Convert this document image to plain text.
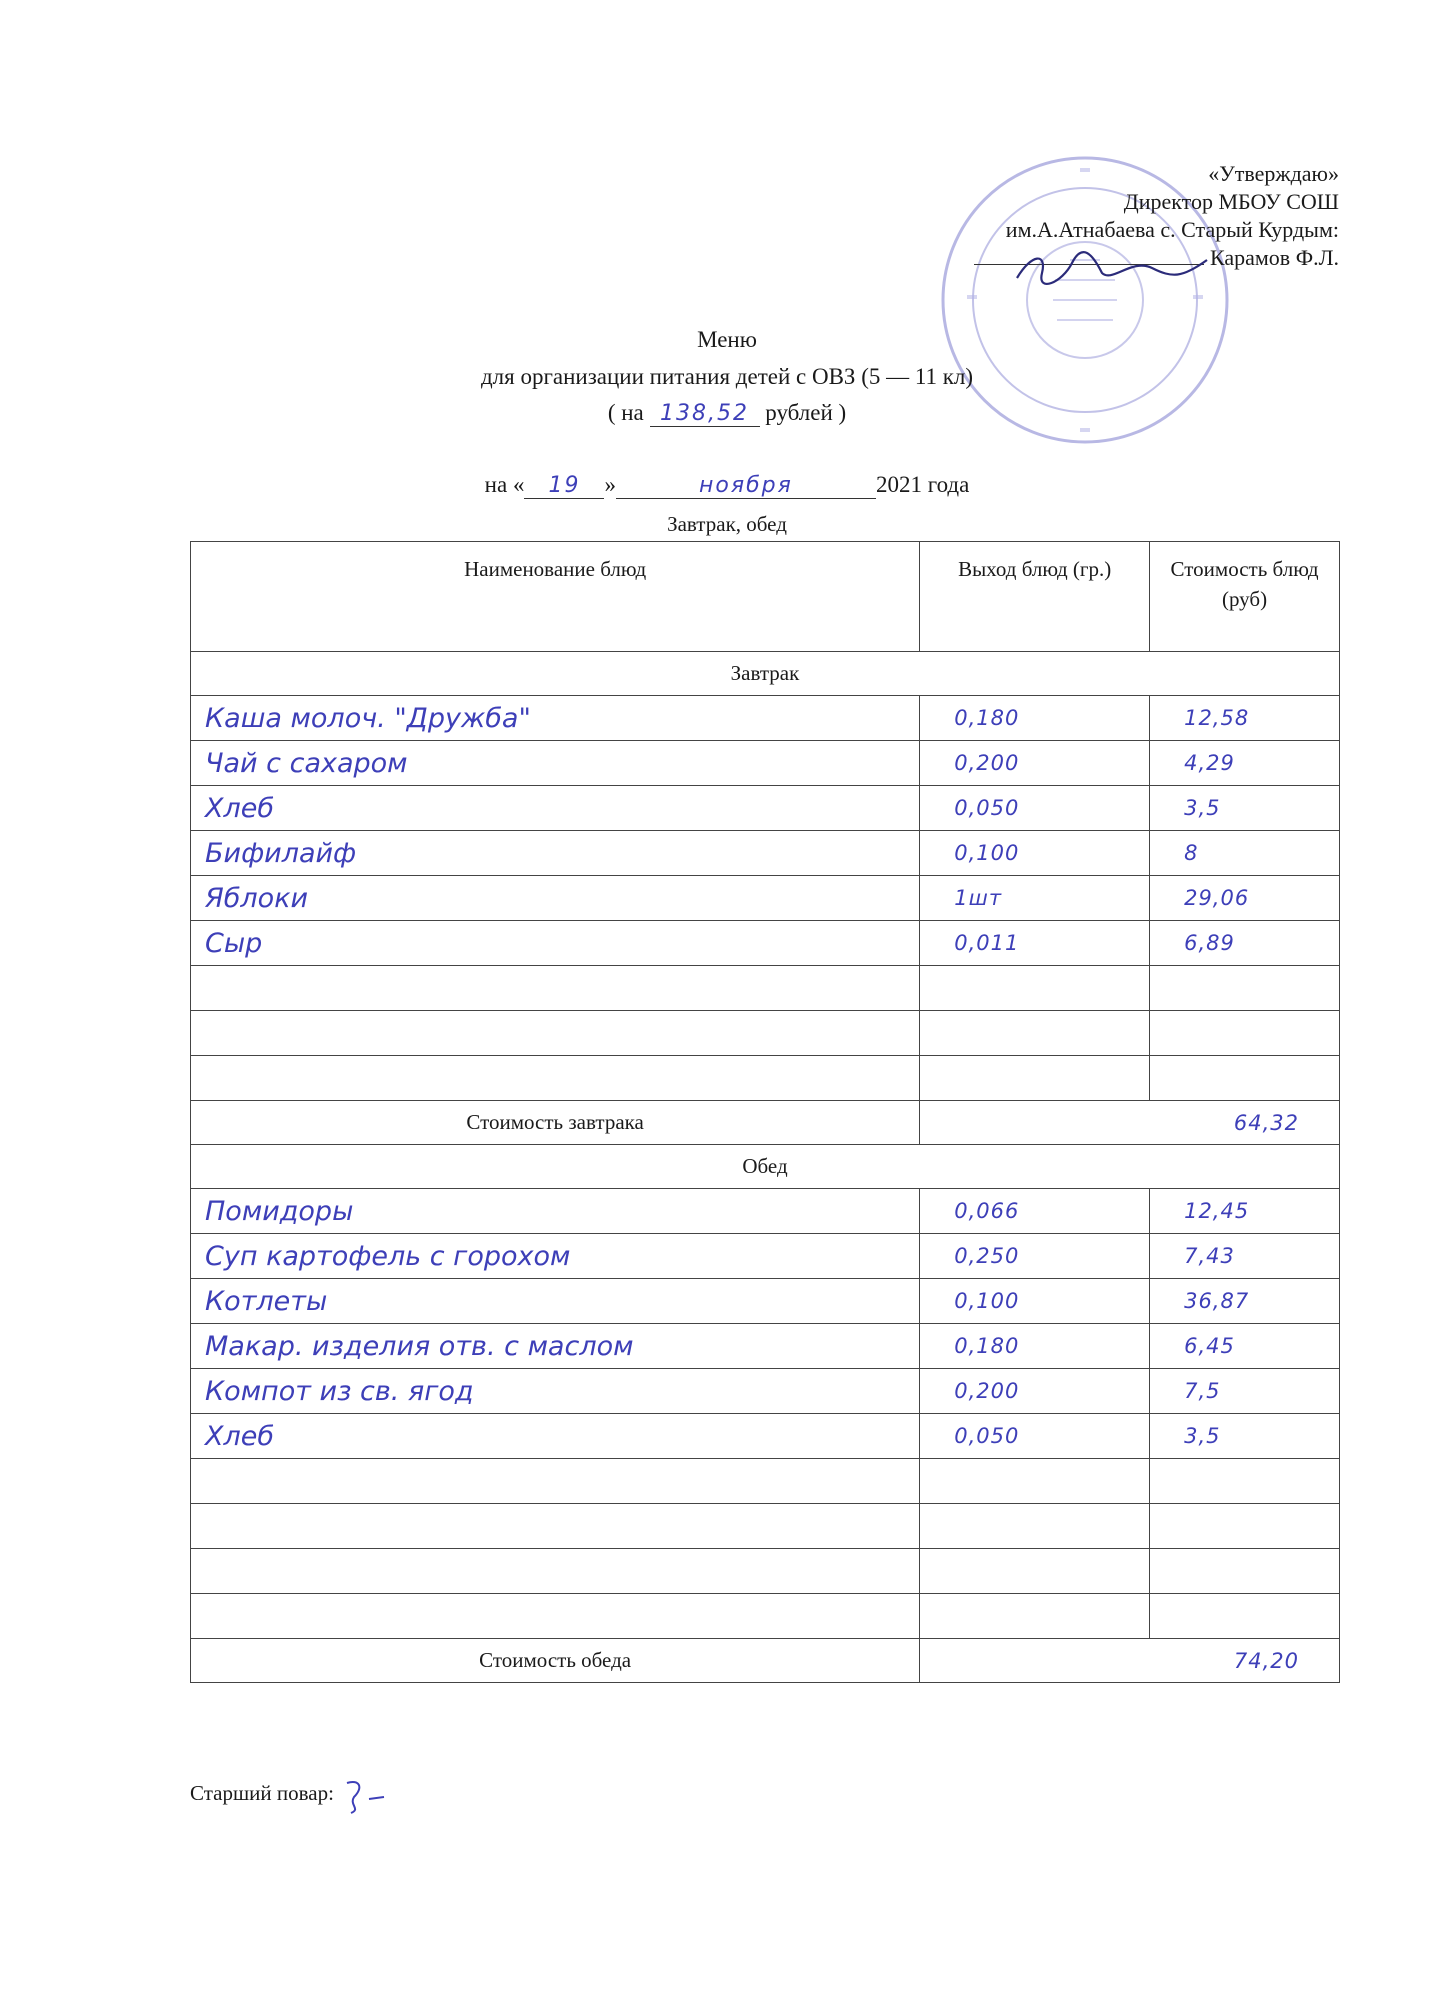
«Утверждаю»
Директор МБОУ СОШ
им.А.Атнабаева с. Старый Курдым:
Карамов Ф.Л.
Меню
для организации питания детей с ОВЗ (5 — 11 кл)
( на 138,52 рублей )
на « 19 »	ноября	2021 года
Завтрак, обед
Наименование блюд	Выход блюд (гр.)	Стоимость блюд (руб)
Завтрак		
Каша молоч. "Дружба"	0,180	12,58
Чай с сахаром	0,200	4,29
Хлеб	0,050	3,5
Бифилайф	0,100	8
Яблоки	1шт	29,06
Сыр	0,011	6,89

Стоимость завтрака	64,32	
Обед		
Помидоры	0,066	12,45
Суп картофель с горохом	0,250	7,43
Котлеты	0,100	36,87
Макар. изделия отв. с маслом	0,180	6,45
Компот из св. ягод	0,200	7,5
Хлеб	0,050	3,5

Стоимость обеда	74,20	
Старший повар:
